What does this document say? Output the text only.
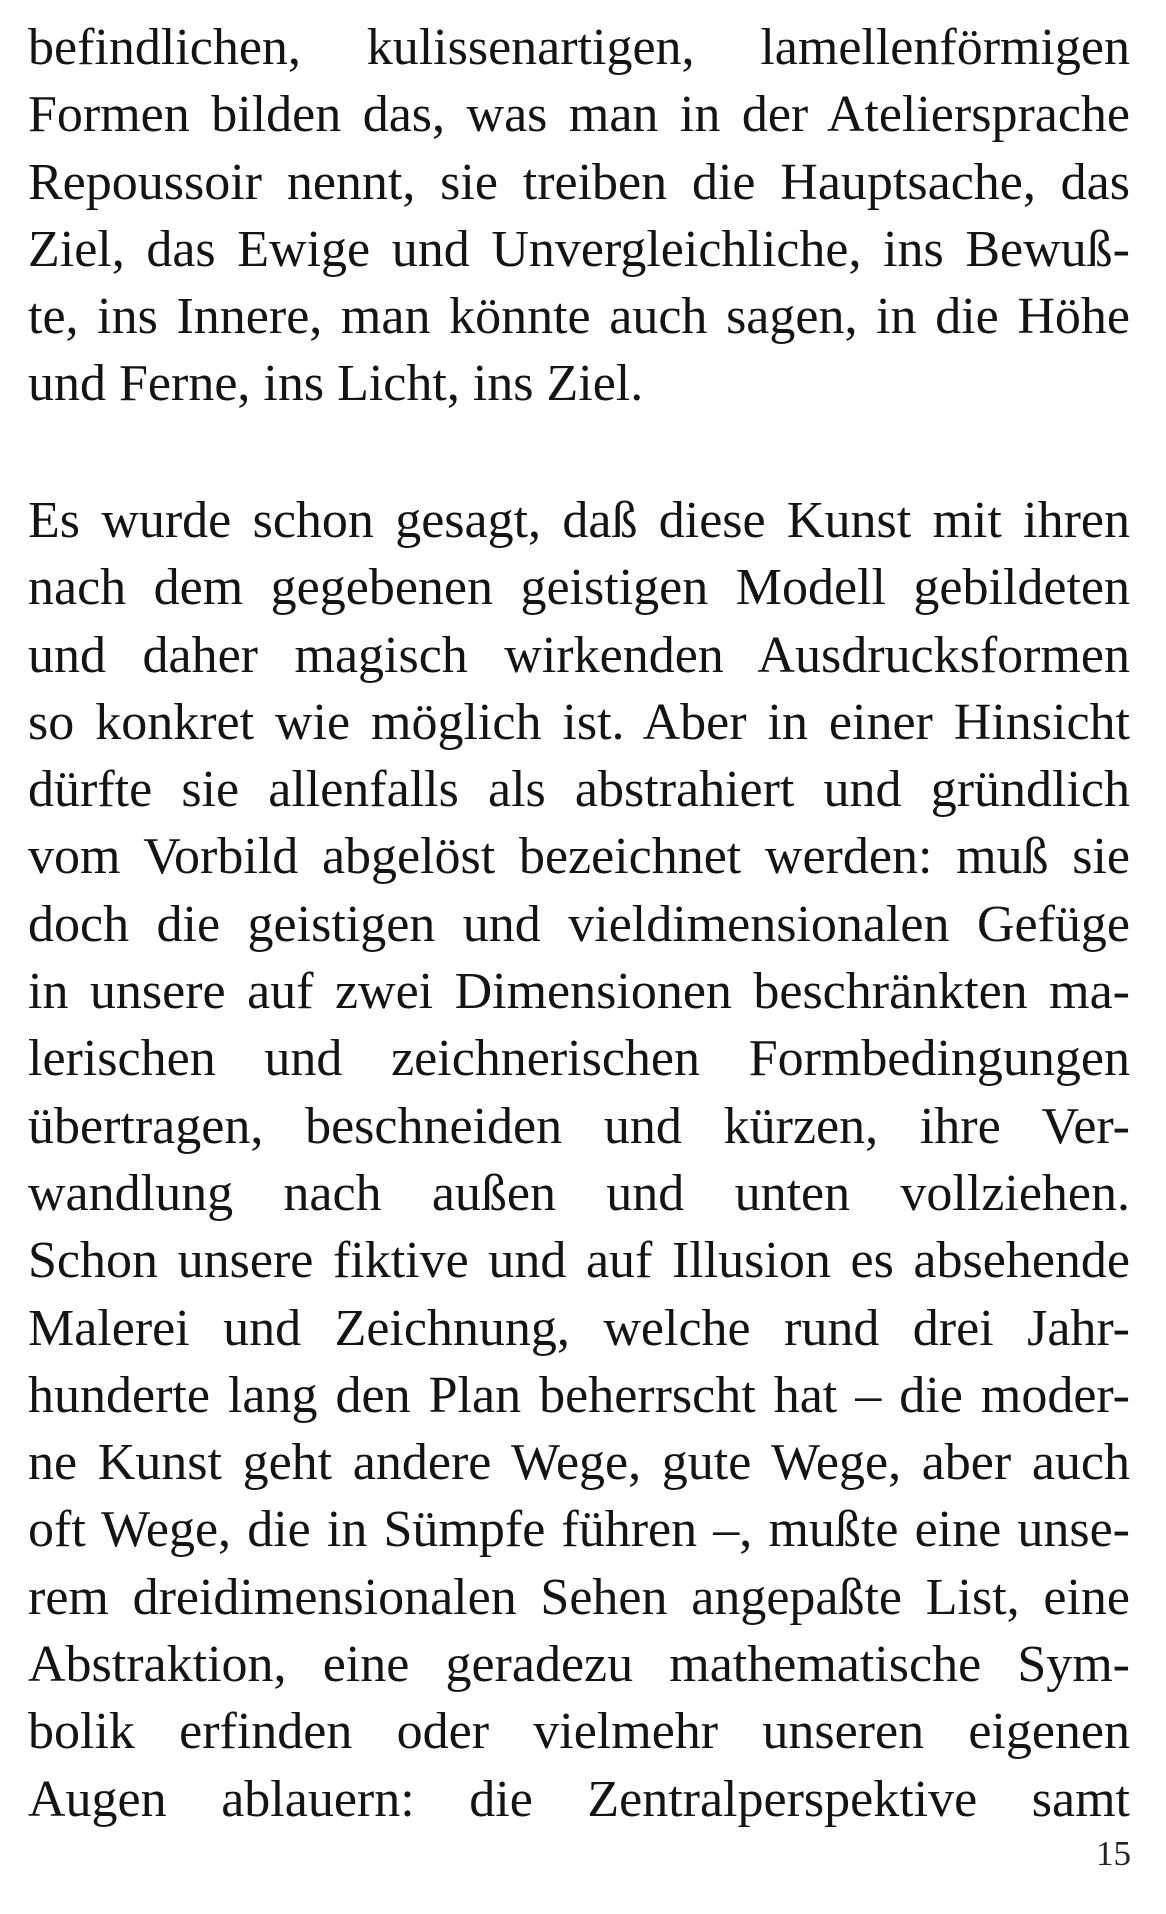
befindlichen, kulissenartigen, lamellenförmigen
Formen bilden das, was man in der Ateliersprache
Repoussoir nennt, sie treiben die Hauptsache, das
Ziel, das Ewige und Unvergleichliche, ins Bewuß-
te, ins Innere, man könnte auch sagen, in die Höhe
und Ferne, ins Licht, ins Ziel.
Es wurde schon gesagt, daß diese Kunst mit ihren
nach dem gegebenen geistigen Modell gebildeten
und daher magisch wirkenden Ausdrucksformen
so konkret wie möglich ist. Aber in einer Hinsicht
dürfte sie allenfalls als abstrahiert und gründlich
vom Vorbild abgelöst bezeichnet werden: muß sie
doch die geistigen und vieldimensionalen Gefüge
in unsere auf zwei Dimensionen beschränkten ma-
lerischen und zeichnerischen Formbedingungen
übertragen, beschneiden und kürzen, ihre Ver-
wandlung nach außen und unten vollziehen.
Schon unsere fiktive und auf Illusion es absehende
Malerei und Zeichnung, welche rund drei Jahr-
hunderte lang den Plan beherrscht hat – die moder-
ne Kunst geht andere Wege, gute Wege, aber auch
oft Wege, die in Sümpfe führen –, mußte eine unse-
rem dreidimensionalen Sehen angepaßte List, eine
Abstraktion, eine geradezu mathematische Sym-
bolik erfinden oder vielmehr unseren eigenen
Augen ablauern: die Zentralperspektive samt
15
